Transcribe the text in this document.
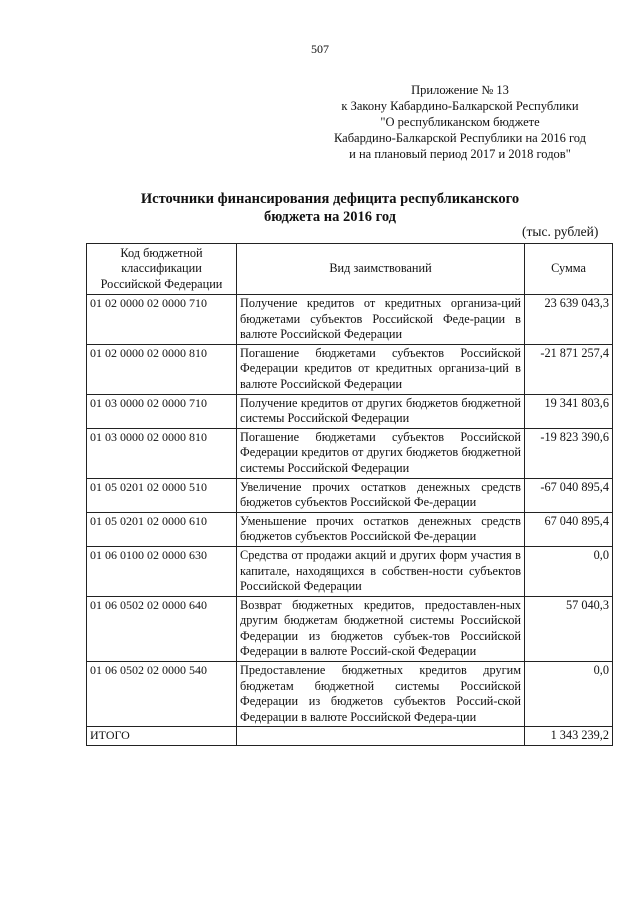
507
Приложение № 13
к Закону Кабардино-Балкарской Республики
"О республиканском бюджете
Кабардино-Балкарской Республики на 2016 год
и на плановый период 2017 и 2018 годов"
Источники финансирования дефицита республиканского
бюджета на 2016 год
(тыс. рублей)
Код бюджетной
классификации
Российской Федерации	Вид заимствований	Сумма
01 02 0000 02 0000 710	Получение кредитов от кредитных организа-ций бюджетами субъектов Российской Феде-рации в валюте Российской Федерации	23 639 043,3
01 02 0000 02 0000 810	Погашение бюджетами субъектов Российской Федерации кредитов от кредитных организа-ций в валюте Российской Федерации	-21 871 257,4
01 03 0000 02 0000 710	Получение кредитов от других бюджетов бюджетной системы Российской Федерации	19 341 803,6
01 03 0000 02 0000 810	Погашение бюджетами субъектов Российской Федерации кредитов от других бюджетов бюджетной системы Российской Федерации	-19 823 390,6
01 05 0201 02 0000 510	Увеличение прочих остатков денежных средств бюджетов субъектов Российской Фе-дерации	-67 040 895,4
01 05 0201 02 0000 610	Уменьшение прочих остатков денежных средств бюджетов субъектов Российской Фе-дерации	67 040 895,4
01 06 0100 02 0000 630	Средства от продажи акций и других форм участия в капитале, находящихся в собствен-ности субъектов Российской Федерации	0,0
01 06 0502 02 0000 640	Возврат бюджетных кредитов, предоставлен-ных другим бюджетам бюджетной системы Российской Федерации из бюджетов субъек-тов Российской Федерации в валюте Россий-ской Федерации	57 040,3
01 06 0502 02 0000 540	Предоставление бюджетных кредитов другим бюджетам бюджетной системы Российской Федерации из бюджетов субъектов Россий-ской Федерации в валюте Российской Федера-ции	0,0
ИТОГО		1 343 239,2
